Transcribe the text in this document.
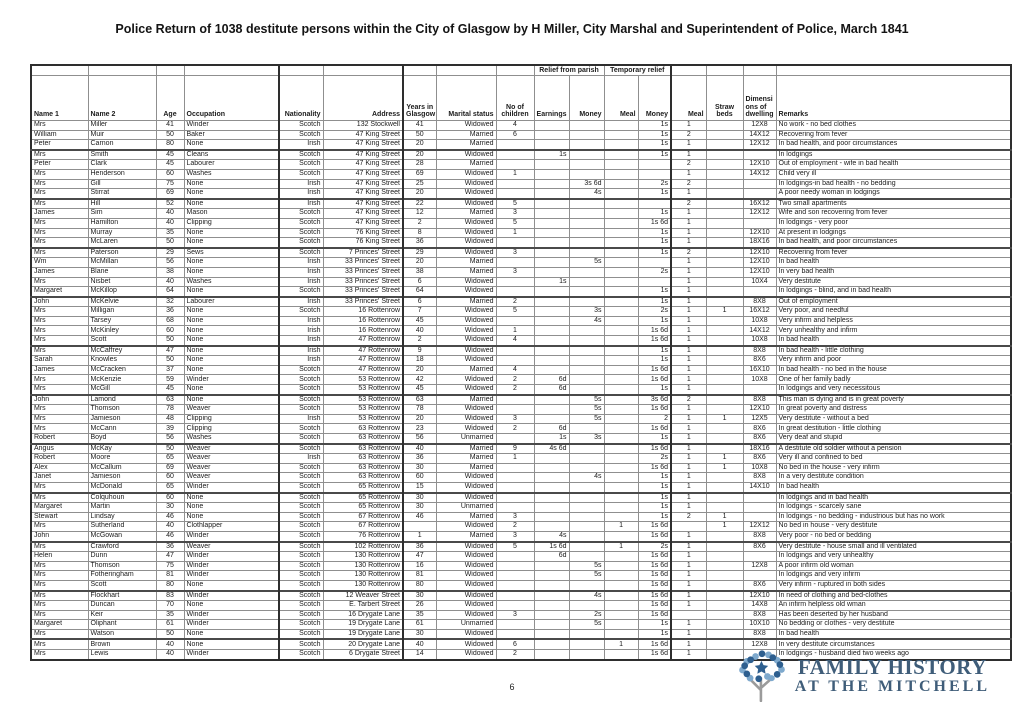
Police Return of 1038 destitute persons within the City of Glasgow by H Miller, City Marshal and Superintendent of Police, March 1841
									Relief from parish		Temporary relief					
Name 1	Name 2	Age	Occupation	Nationality	Address	Years in Glasgow	Marital status	No of children	Earnings	Money	Meal	Money	Meal	Straw beds	Dimensions of dwelling	Remarks
Mrs	Miller	41	Winder	Scotch	132 Stockwell	41	Widowed	4				1s	1		12X8	No work - no bed clothes
William	Muir	50	Baker	Scotch	47 King Street	50	Married	6				1s	2		14X12	Recovering from fever
Peter	Carnon	80	None	Irish	47 King Street	20	Married					1s	1		12X12	In bad health, and poor circumstances
Mrs	Smith	45	Cleans	Scotch	47 King Street	20	Widowed		1s			1s	1			In lodgings
Peter	Clark	45	Labourer	Scotch	47 King Street	28	Married						2		12X10	Out of employment - wife in bad health
Mrs	Henderson	60	Washes	Scotch	47 King Street	69	Widowed	1					1		14X12	Child very ill
Mrs	Gill	75	None	Irish	47 King Street	25	Widowed			3s 6d		2s	2			In lodgings-in bad health - no bedding
Mrs	Stirrat	69	None	Irish	47 King Street	20	Widowed			4s		1s	1			A poor needy woman in lodgings
Mrs	Hill	52	None	Irish	47 King Street	22	Widowed	5					2		16X12	Two small apartments
James	Sim	40	Mason	Scotch	47 King Street	12	Married	3				1s	1		12X12	Wife and son recovering from fever
Mrs	Hamilton	40	Clipping	Scotch	47 King Street	2	Widowed	5				1s 6d	1			In lodgings - very poor
Mrs	Murray	35	None	Scotch	76 King Street	8	Widowed	1				1s	1		12X10	At present in lodgings
Mrs	McLaren	50	None	Scotch	76 King Street	36	Widowed					1s	1		18X16	In bad health, and poor circumstances
Mrs	Paterson	29	Sews	Scotch	7 Princes' Street	29	Widowed	3				1s	2		12X10	Recovering from fever
Wm	McMillan	56	None	Irish	33 Princes' Street	20	Married			5s			1		12X10	In bad health
James	Blane	38	None	Irish	33 Princes' Street	38	Married	3				2s	1		12X10	In very bad health
Mrs	Nisbet	40	Washes	Irish	33 Princes' Street	6	Widowed		1s				1		10X4	Very destitute
Margaret	McKillop	64	None	Scotch	33 Princes' Street	64	Widowed					1s	1			In lodgings - blind, and in bad health
John	McKelvie	32	Labourer	Irish	33 Princes' Street	6	Married	2				1s	1		8X8	Out of employment
Mrs	Milligan	36	None	Scotch	16 Rottenrow	7	Widowed	5		3s		2s	1	1	16X12	Very poor, and needful
Mrs	Tarsey	68	None	Irish	16 Rottenrow	45	Widowed			4s		1s	1		10X8	Very infirm and helpless
Mrs	McKinley	60	None	Irish	16 Rottenrow	40	Widowed	1				1s 6d	1		14X12	Very unhealthy and infirm
Mrs	Scott	50	None	Irish	47 Rottenrow	2	Widowed	4				1s 6d	1		10X8	In bad health
Mrs	McCaffrey	47	None	Irish	47 Rottenrow	9	Widowed					1s	1		8X8	In bad health - little clothing
Sarah	Knowles	50	None	Irish	47 Rottenrow	18	Widowed					1s	1		8X6	Very infirm and poor
James	McCracken	37	None	Scotch	47 Rottenrow	20	Married	4				1s 6d	1		16X10	In bad health - no bed in the house
Mrs	McKenzie	59	Winder	Scotch	53 Rottenrow	42	Widowed	2	6d			1s 6d	1		10X8	One of her family badly
Mrs	McGill	45	None	Scotch	53 Rottenrow	45	Widowed	2	6d			1s	1			In lodgings and very necessitous
John	Lamond	63	None	Scotch	53 Rottenrow	63	Married			5s		3s 6d	2		8X8	This man is dying and is in great poverty
Mrs	Thomson	78	Weaver	Scotch	53 Rottenrow	78	Widowed			5s		1s 6d	1		12X10	In great poverty and distress
Mrs	Jamieson	48	Clipping	Irish	53 Rottenrow	20	Widowed	3		5s		2	1	1	12X5	Very destitute - without a bed
Mrs	McCann	39	Clipping	Scotch	63 Rottenrow	23	Widowed	2	6d			1s 6d	1		8X6	In great destitution - little clothing
Robert	Boyd	56	Washes	Scotch	63 Rottenrow	56	Unmarried		1s	3s		1s	1		8X6	Very deaf and stupid
Angus	McKay	50	Weaver	Scotch	63 Rottenrow	40	Married	9	4s 6d			1s 6d	1		18X16	A destitute old soldier without a pension
Robert	Moore	65	Weaver	Irish	63 Rottenrow	36	Married	1				2s	1	1	8X6	Very ill and confined to bed
Alex	McCallum	69	Weaver	Scotch	63 Rottenrow	30	Married					1s 6d	1	1	10X8	No bed in the house - very infirm
Janet	Jamieson	60	Weaver	Scotch	63 Rottenrow	60	Widowed			4s		1s	1		8X8	In a very destitute condition
Mrs	McDonald	65	Winder	Scotch	65 Rottenrow	15	Widowed					1s	1		14X10	In bad health
Mrs	Colquhoun	60	None	Scotch	65 Rottenrow	30	Widowed					1s	1			In lodgings and in bad health
Margaret	Martin	30	None	Scotch	65 Rottenrow	30	Unmarried					1s	1			In lodgings - scarcely sane
Stewart	Lindsay	46	None	Scotch	67 Rottenrow	46	Married	3				1s	2	1		In lodgings - no bedding - industrious but has no work
Mrs	Sutherland	40	Clothlapper	Scotch	67 Rottenrow		Widowed	2			1	1s 6d		1	12X12	No bed in house - very destitute
John	McGowan	46	Winder	Scotch	76 Rottenrow	1	Married	3	4s			1s 6d	1		8X8	Very poor - no bed or bedding
Mrs	Crawford	36	Weaver	Scotch	102 Rottenrow	36	Widowed	5	1s 6d		1	2s	1		8X6	Very destitute - house small and ill ventilated
Helen	Dunn	47	Winder	Scotch	130 Rottenrow	47	Widowed		6d			1s 6d	1			In lodgings and very unhealthy
Mrs	Thomson	75	Winder	Scotch	130 Rottenrow	16	Widowed			5s		1s 6d	1		12X8	A poor infirm old woman
Mrs	Fotheringham	81	Winder	Scotch	130 Rottenrow	81	Widowed			5s		1s 6d	1			In lodgings and very infirm
Mrs	Scott	80	None	Scotch	130 Rottenrow	80	Widowed					1s 6d	1		8X6	Very infirm - ruptured in both sides
Mrs	Flockhart	83	Winder	Scotch	12 Weaver Street	30	Widowed			4s		1s 6d	1		12X10	In need of clothing and bed-clothes
Mrs	Duncan	70	None	Scotch	E. Tarbert Street	26	Widowed					1s 6d	1		14X8	An infirm helpless old wman
Mrs	Keir	35	Winder	Scotch	16 Drygate Lane	35	Widowed	3		2s		1s 6d			8X8	Has been deserted by her husband
Margaret	Oliphant	61	Winder	Scotch	19 Drygate Lane	61	Unmarried			5s		1s	1		10X10	No bedding or clothes - very destitute
Mrs	Watson	50	None	Scotch	19 Drygate Lane	30	Widowed					1s	1		8X8	In bad health
Mrs	Brown	40	None	Scotch	20 Drygate Lane	40	Widowed	6			1	1s 6d	1		12X8	In very destitute circumstances
Mrs	Lewis	40	Winder	Scotch	6 Drygate Street	14	Widowed	2				1s 6d	1			In lodgings - husband died two weeks ago
6
FAMILY HISTORY
AT THE MITCHELL
